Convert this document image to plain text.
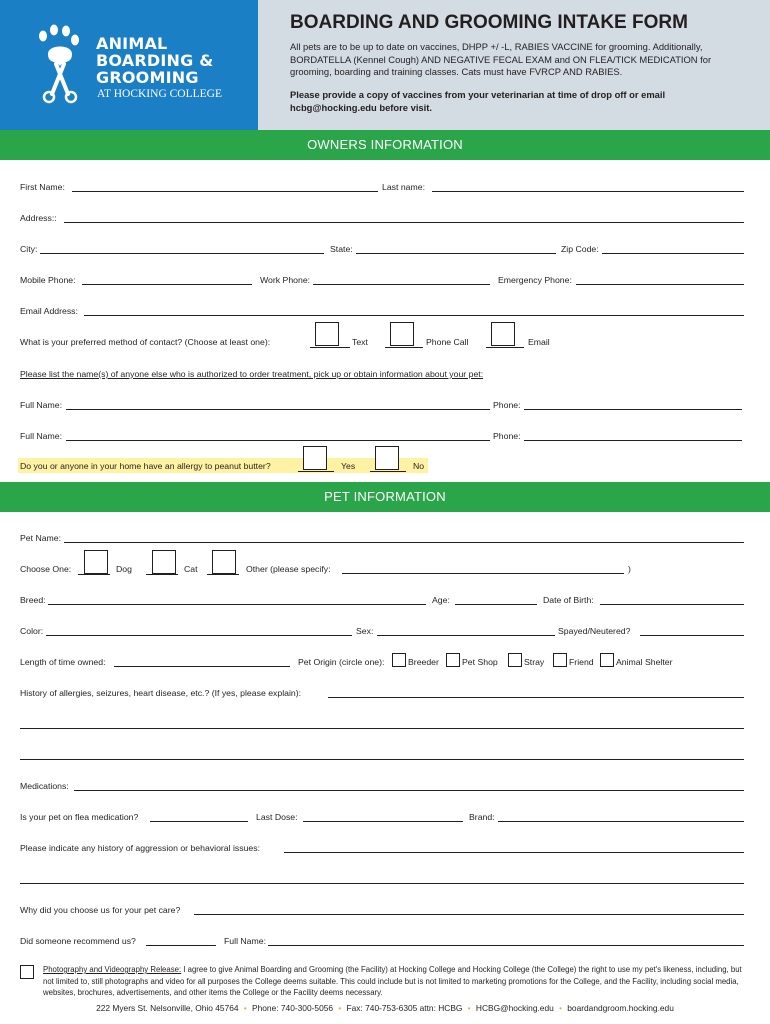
ANIMAL
BOARDING &
GROOMING
AT HOCKING COLLEGE
BOARDING AND GROOMING INTAKE FORM
All pets are to be up to date on vaccines, DHPP +/ -L, RABIES VACCINE for grooming. Additionally, BORDATELLA (Kennel Cough) AND NEGATIVE FECAL EXAM and ON FLEA/TICK MEDICATION for grooming, boarding and training classes. Cats must have FVRCP AND RABIES.
Please provide a copy of vaccines from your veterinarian at time of drop off or email hcbg@hocking.edu before visit.
OWNERS INFORMATION
First Name:	Last name:
Address::
City:	State:	Zip Code:
Mobile Phone:	Work Phone:	Emergency Phone:
Email Address:
What is your preferred method of contact? (Choose at least one):	Text	Phone Call	Email
Please list the name(s) of anyone else who is authorized to order treatment, pick up or obtain information about your pet:
Full Name:	Phone:
Full Name:	Phone:
Do you or anyone in your home have an allergy to peanut butter?	Yes	No
PET INFORMATION
Pet Name:
Choose One:	Dog	Cat	Other (please specify:	)
Breed:	Age:	Date of Birth:
Color:	Sex:	Spayed/Neutered?
Length of time owned:	Pet Origin (circle one):	Breeder	Pet Shop	Stray	Friend	Animal Shelter
History of allergies, seizures, heart disease, etc.? (If yes, please explain):
Medications:
Is your pet on flea medication?	Last Dose:	Brand:
Please indicate any history of aggression or behavioral issues:
Why did you choose us for your pet care?
Did someone recommend us?	Full Name:
Photography and Videography Release: I agree to give Animal Boarding and Grooming (the Facility) at Hocking College and Hocking College (the College) the right to use my pet's likeness, including, but not limited to, still photographs and video for all purposes the College deems suitable. This could include but is not limited to marketing promotions for the College, and the Facility, including social media, websites, brochures, advertisements, and other items the College or the Facility deems necessary.
222 Myers St. Nelsonville, Ohio 45764 • Phone: 740-300-5056 • Fax: 740-753-6305 attn: HCBG • HCBG@hocking.edu • boardandgroom.hocking.edu
